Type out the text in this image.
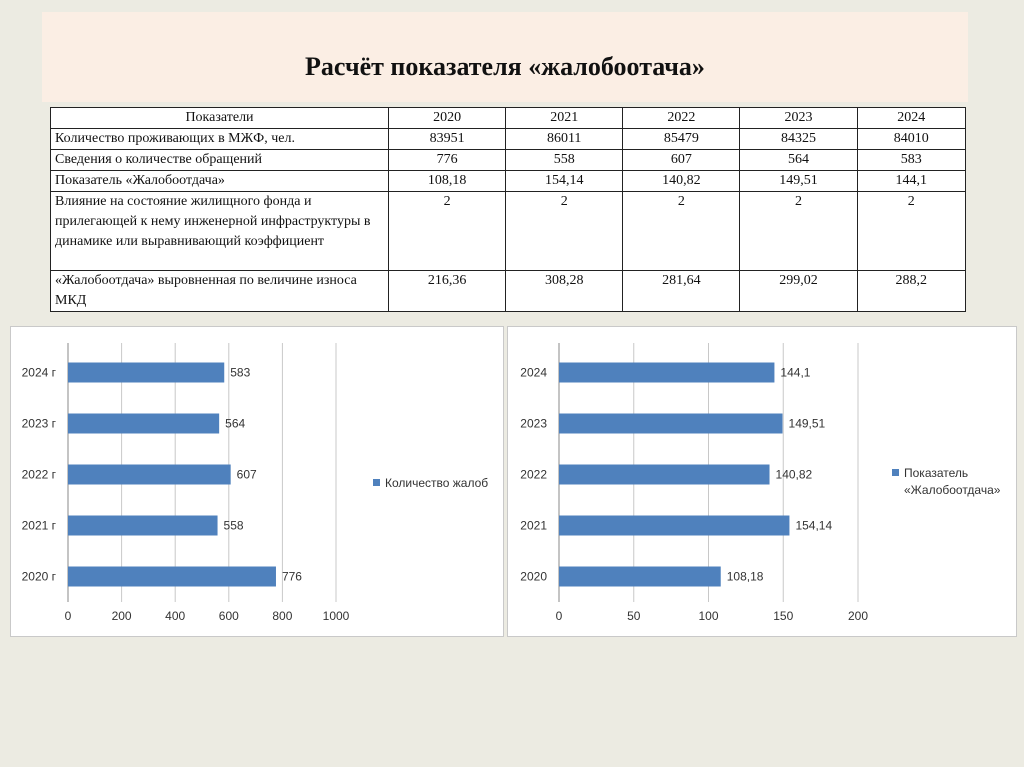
Расчёт показателя «жалобоотача»
Показатели	2020	2021	2022	2023	2024
Количество проживающих в МЖФ, чел.	83951	86011	85479	84325	84010
Сведения о количестве обращений	776	558	607	564	583
Показатель «Жалобоотдача»	108,18	154,14	140,82	149,51	144,1
Влияние на состояние жилищного фонда и прилегающей к нему инженерной инфраструктуры в динамике или выравнивающий коэффициент	2	2	2	2	2
«Жалобоотдача» выровненная по величине износа МКД	216,36	308,28	281,64	299,02	288,2
0	200	400	600	800	1000
2020 г	776
2021 г	558
2022 г	607
2023 г	564
2024 г	583
Количество жалоб
0	50	100	150	200
2020	108,18
2021	154,14
2022	140,82
2023	149,51
2024	144,1
Показатель
«Жалобоотдача»
